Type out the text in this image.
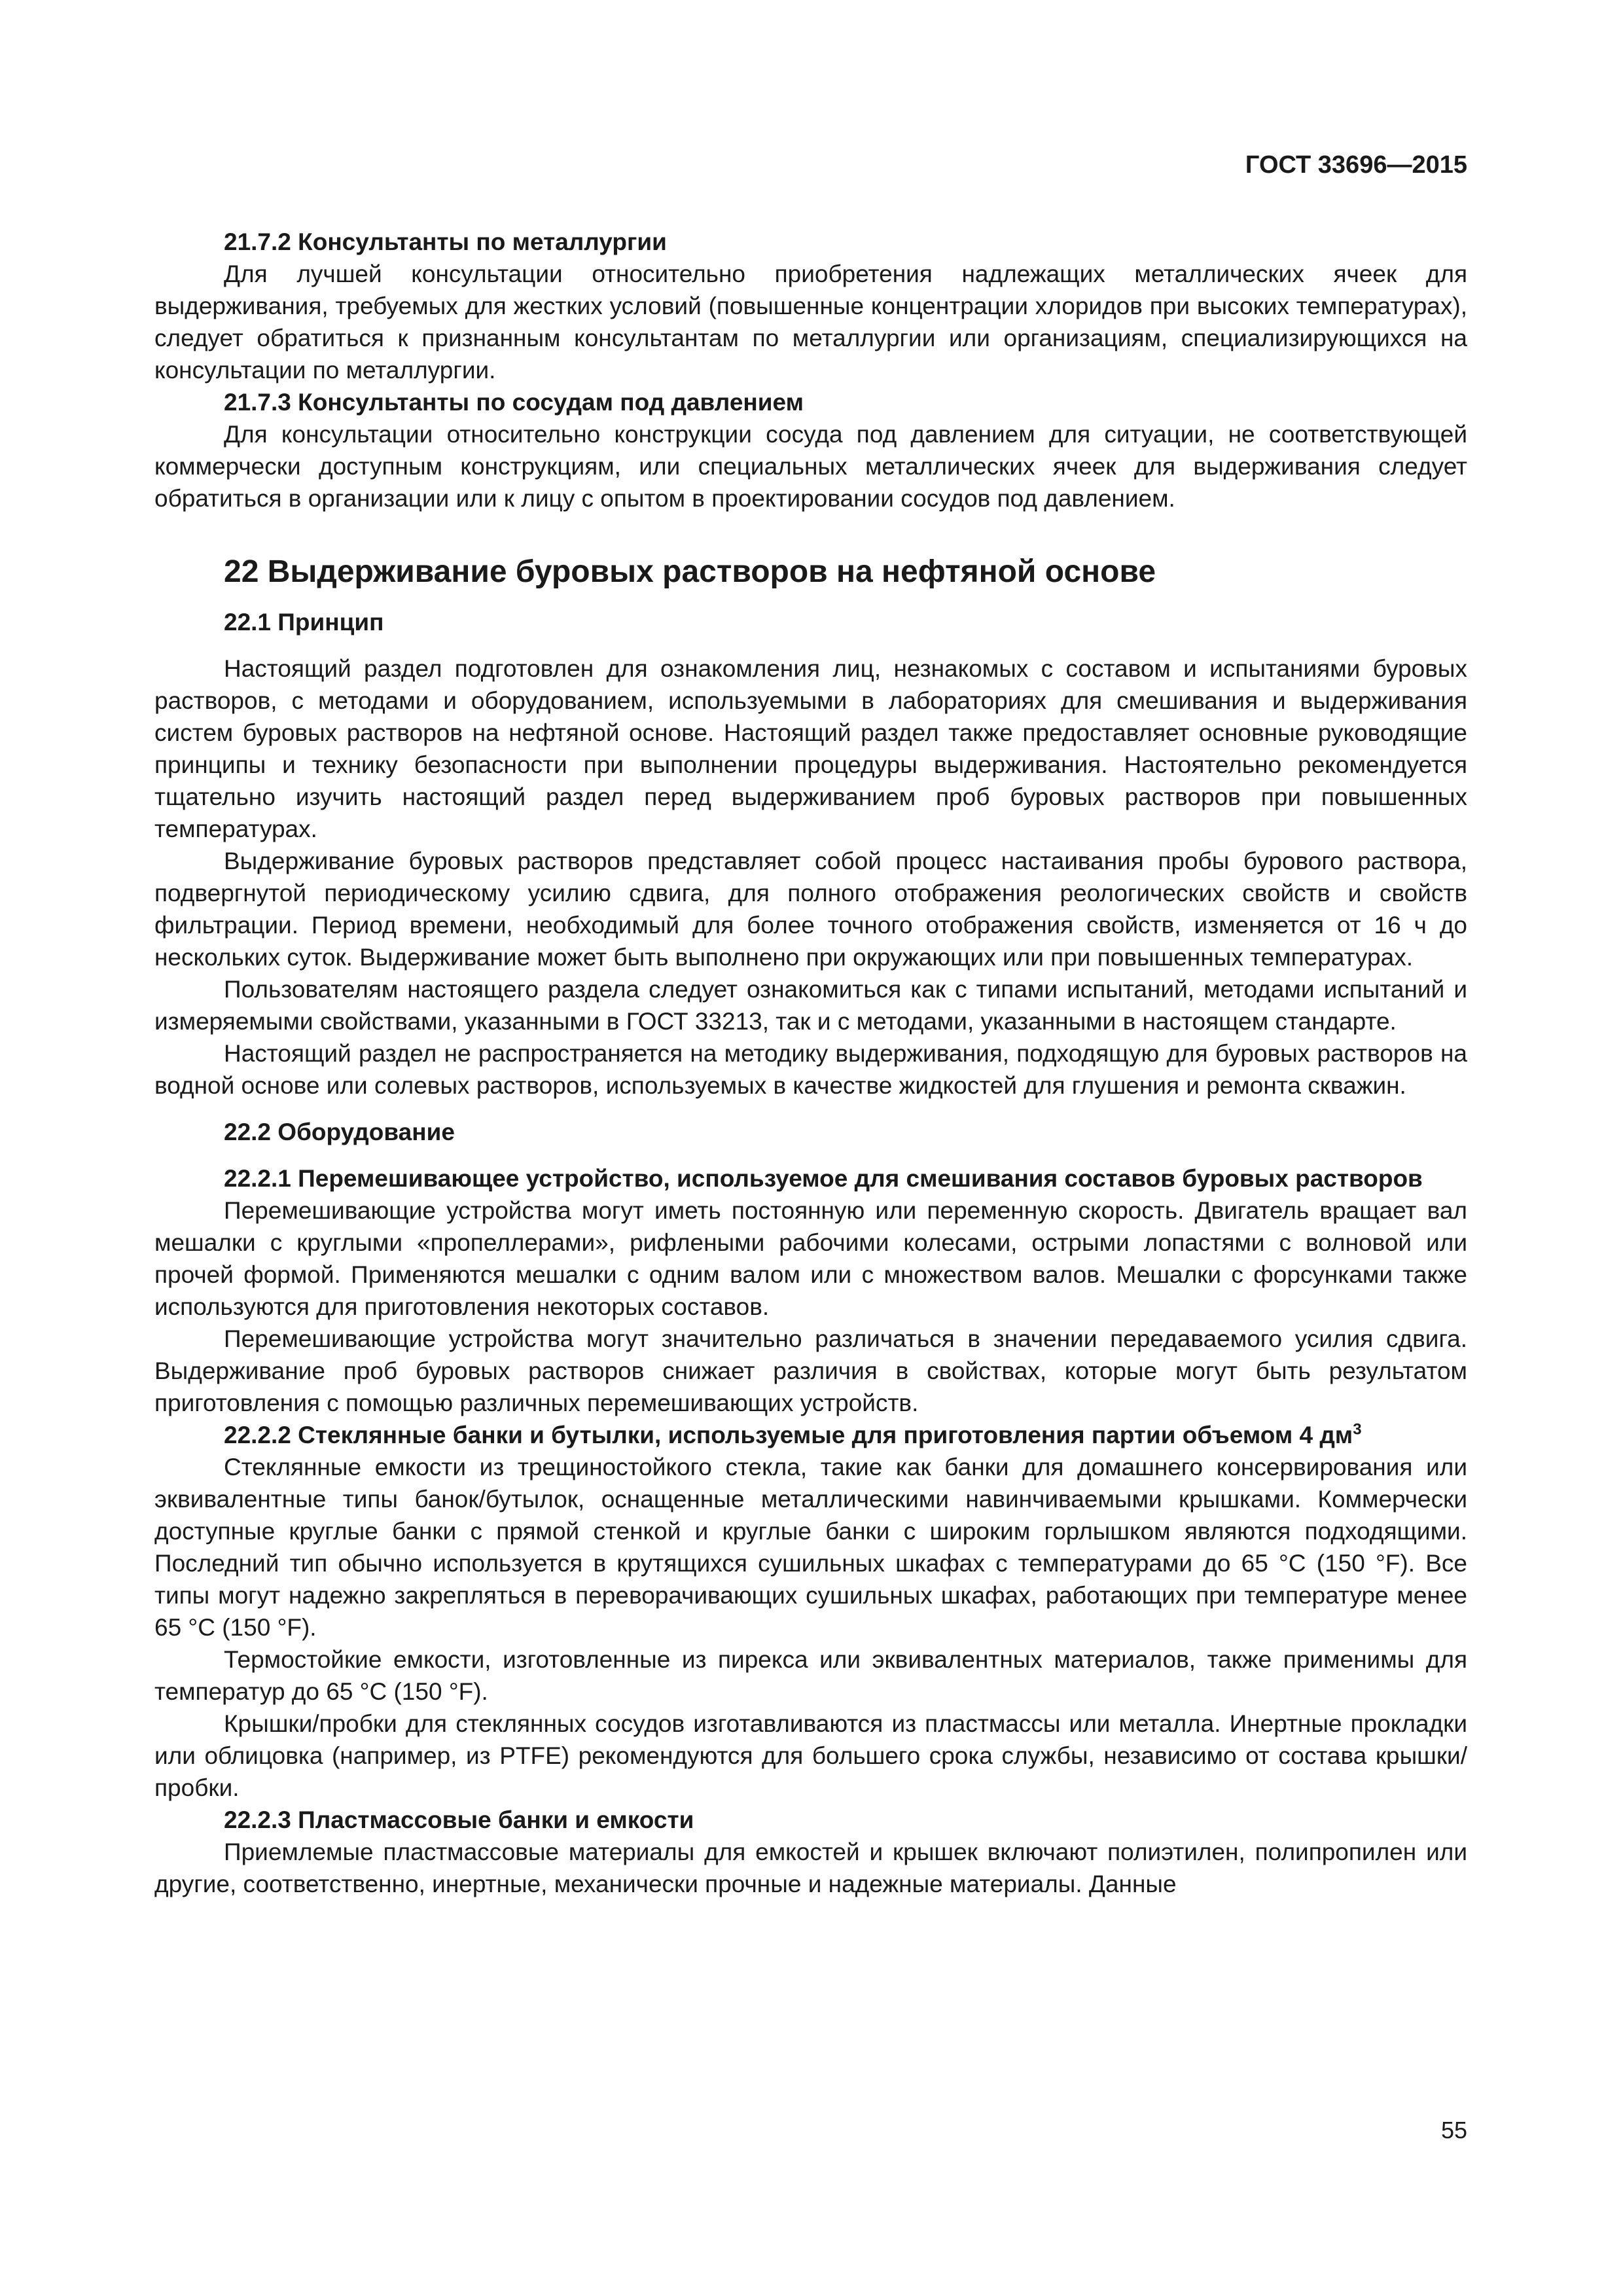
ГОСТ 33696—2015
21.7.2 Консультанты по металлургии

Для лучшей консультации относительно приобретения надлежащих металлических ячеек для выдерживания, требуемых для жестких условий (повышенные концентрации хлоридов при высоких температурах), следует обратиться к признанным консультантам по металлургии или организациям, специализирующихся на консультации по металлургии.

21.7.3 Консультанты по сосудам под давлением

Для консультации относительно конструкции сосуда под давлением для ситуации, не соответствующей коммерчески доступным конструкциям, или специальных металлических ячеек для выдерживания следует обратиться в организации или к лицу с опытом в проектировании сосудов под давлением.

22 Выдерживание буровых растворов на нефтяной основе
22.1 Принцип

Настоящий раздел подготовлен для ознакомления лиц, незнакомых с составом и испытаниями буровых растворов, с методами и оборудованием, используемыми в лабораториях для смешивания и выдерживания систем буровых растворов на нефтяной основе. Настоящий раздел также предоставляет основные руководящие принципы и технику безопасности при выполнении процедуры выдерживания. Настоятельно рекомендуется тщательно изучить настоящий раздел перед выдерживанием проб буровых растворов при повышенных температурах.

Выдерживание буровых растворов представляет собой процесс настаивания пробы бурового раствора, подвергнутой периодическому усилию сдвига, для полного отображения реологических свойств и свойств фильтрации. Период времени, необходимый для более точного отображения свойств, изменяется от 16 ч до нескольких суток. Выдерживание может быть выполнено при окружающих или при повышенных температурах.

Пользователям настоящего раздела следует ознакомиться как с типами испытаний, методами испытаний и измеряемыми свойствами, указанными в ГОСТ 33213, так и с методами, указанными в настоящем стандарте.

Настоящий раздел не распространяется на методику выдерживания, подходящую для буровых растворов на водной основе или солевых растворов, используемых в качестве жидкостей для глушения и ремонта скважин.

22.2 Оборудование
22.2.1 Перемешивающее устройство, используемое для смешивания составов буровых растворов

Перемешивающие устройства могут иметь постоянную или переменную скорость. Двигатель вращает вал мешалки с круглыми «пропеллерами», рифлеными рабочими колесами, острыми лопастями с волновой или прочей формой. Применяются мешалки с одним валом или с множеством валов. Мешалки с форсунками также используются для приготовления некоторых составов.

Перемешивающие устройства могут значительно различаться в значении передаваемого усилия сдвига. Выдерживание проб буровых растворов снижает различия в свойствах, которые могут быть результатом приготовления с помощью различных перемешивающих устройств.

22.2.2 Стеклянные банки и бутылки, используемые для приготовления партии объемом 4 $дм^3$

Стеклянные емкости из трещиностойкого стекла, такие как банки для домашнего консервирования или эквивалентные типы банок/бутылок, оснащенные металлическими навинчиваемыми крышками. Коммерчески доступные круглые банки с прямой стенкой и круглые банки с широким горлышком являются подходящими. Последний тип обычно используется в крутящихся сушильных шкафах с температурами до 65 °С (150 °F). Все типы могут надежно закрепляться в переворачивающих сушильных шкафах, работающих при температуре менее 65 °С (150 °F).

Термостойкие емкости, изготовленные из пирекса или эквивалентных материалов, также применимы для температур до 65 °С (150 °F).

Крышки/пробки для стеклянных сосудов изготавливаются из пластмассы или металла. Инертные прокладки или облицовка (например, из PTFE) рекомендуются для большего срока службы, независимо от состава крышки/пробки.

22.2.3 Пластмассовые банки и емкости

Приемлемые пластмассовые материалы для емкостей и крышек включают полиэтилен, полипропилен или другие, соответственно, инертные, механически прочные и надежные материалы. Данные

55
